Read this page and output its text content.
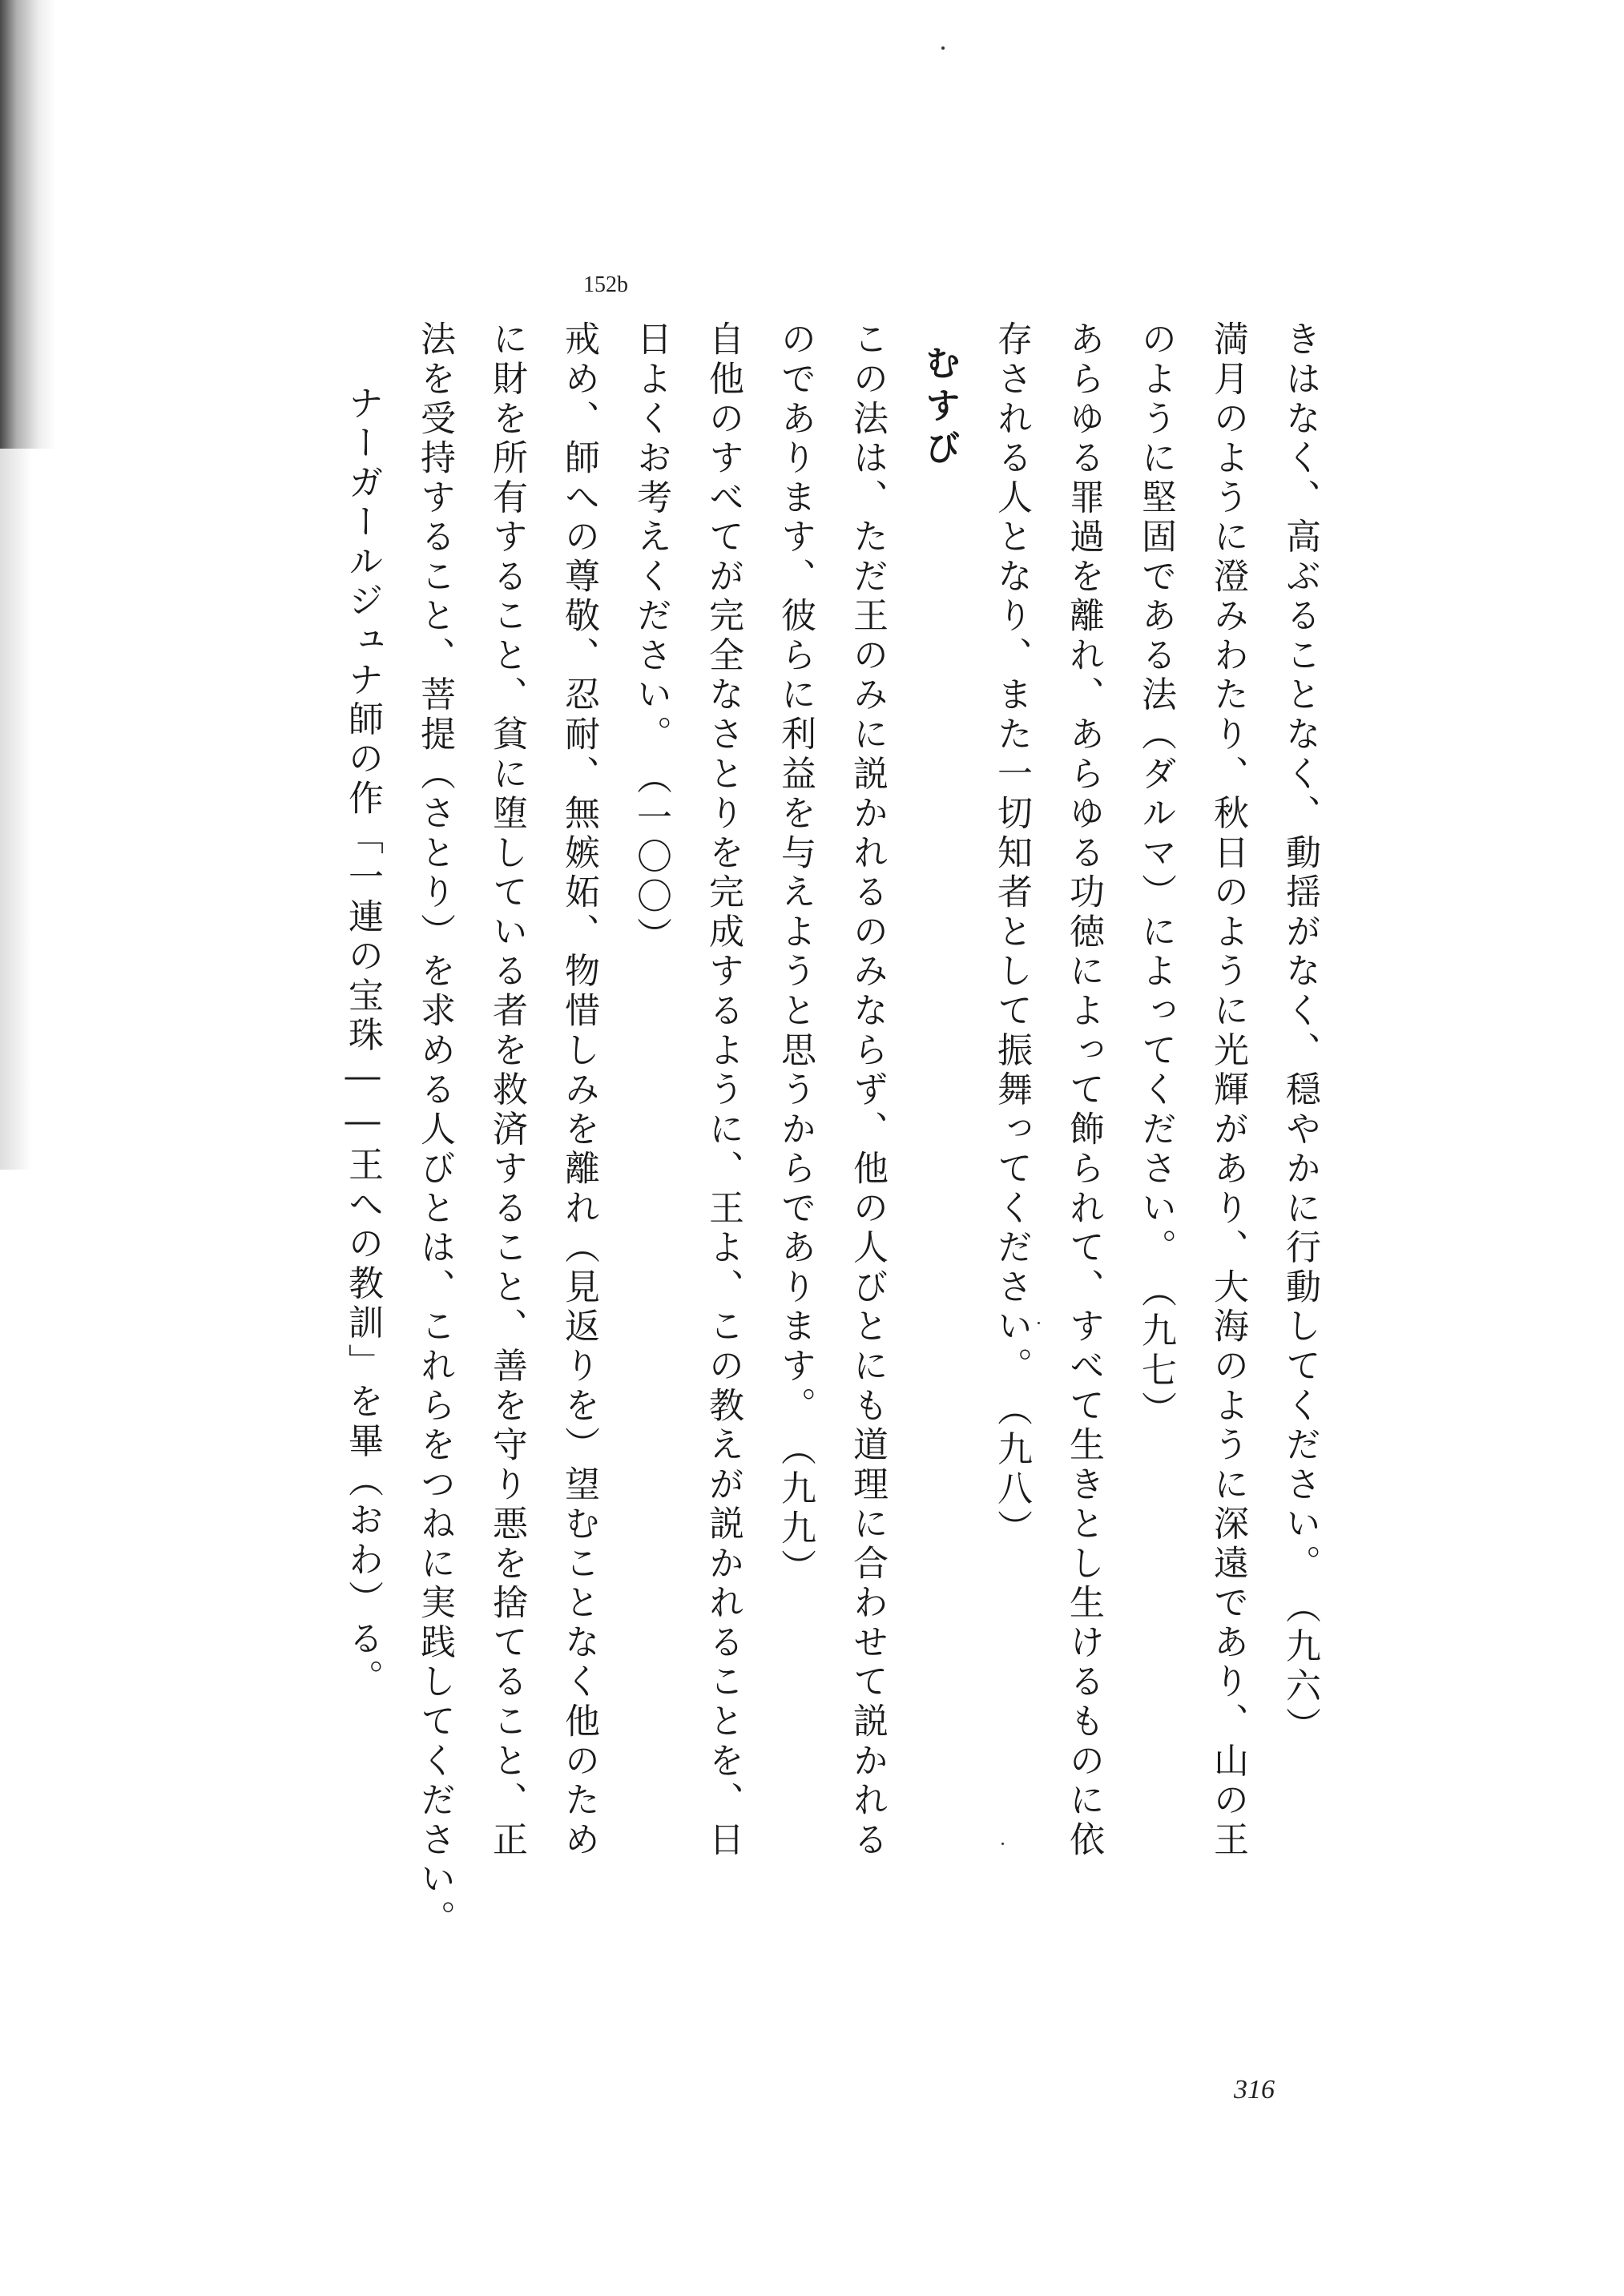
152b
きはなく、高ぶることなく、動揺がなく、穏やかに行動してください。　（九六）
満月のように澄みわたり、秋日のように光輝があり、大海のように深遠であり、山の王
のように堅固である法（ダルマ）によってください。　（九七）
あらゆる罪過を離れ、あらゆる功徳によって飾られて、すべて生きとし生けるものに依
存される人となり、また一切知者として振舞ってください。　（九八）
むすび
この法は、ただ王のみに説かれるのみならず、他の人びとにも道理に合わせて説かれる
のであります、彼らに利益を与えようと思うからであります。　（九九）
自他のすべてが完全なさとりを完成するように、王よ、この教えが説かれることを、日
日よくお考えください。　（一〇〇）
戒め、師への尊敬、忍耐、無嫉妬、物惜しみを離れ（見返りを）望むことなく他のため
に財を所有すること、貧に堕している者を救済すること、善を守り悪を捨てること、正
法を受持すること、菩提（さとり）を求める人びとは、これらをつねに実践してください。
ナーガールジュナ師の作「一連の宝珠――王への教訓」を畢（おわ）る。
316
